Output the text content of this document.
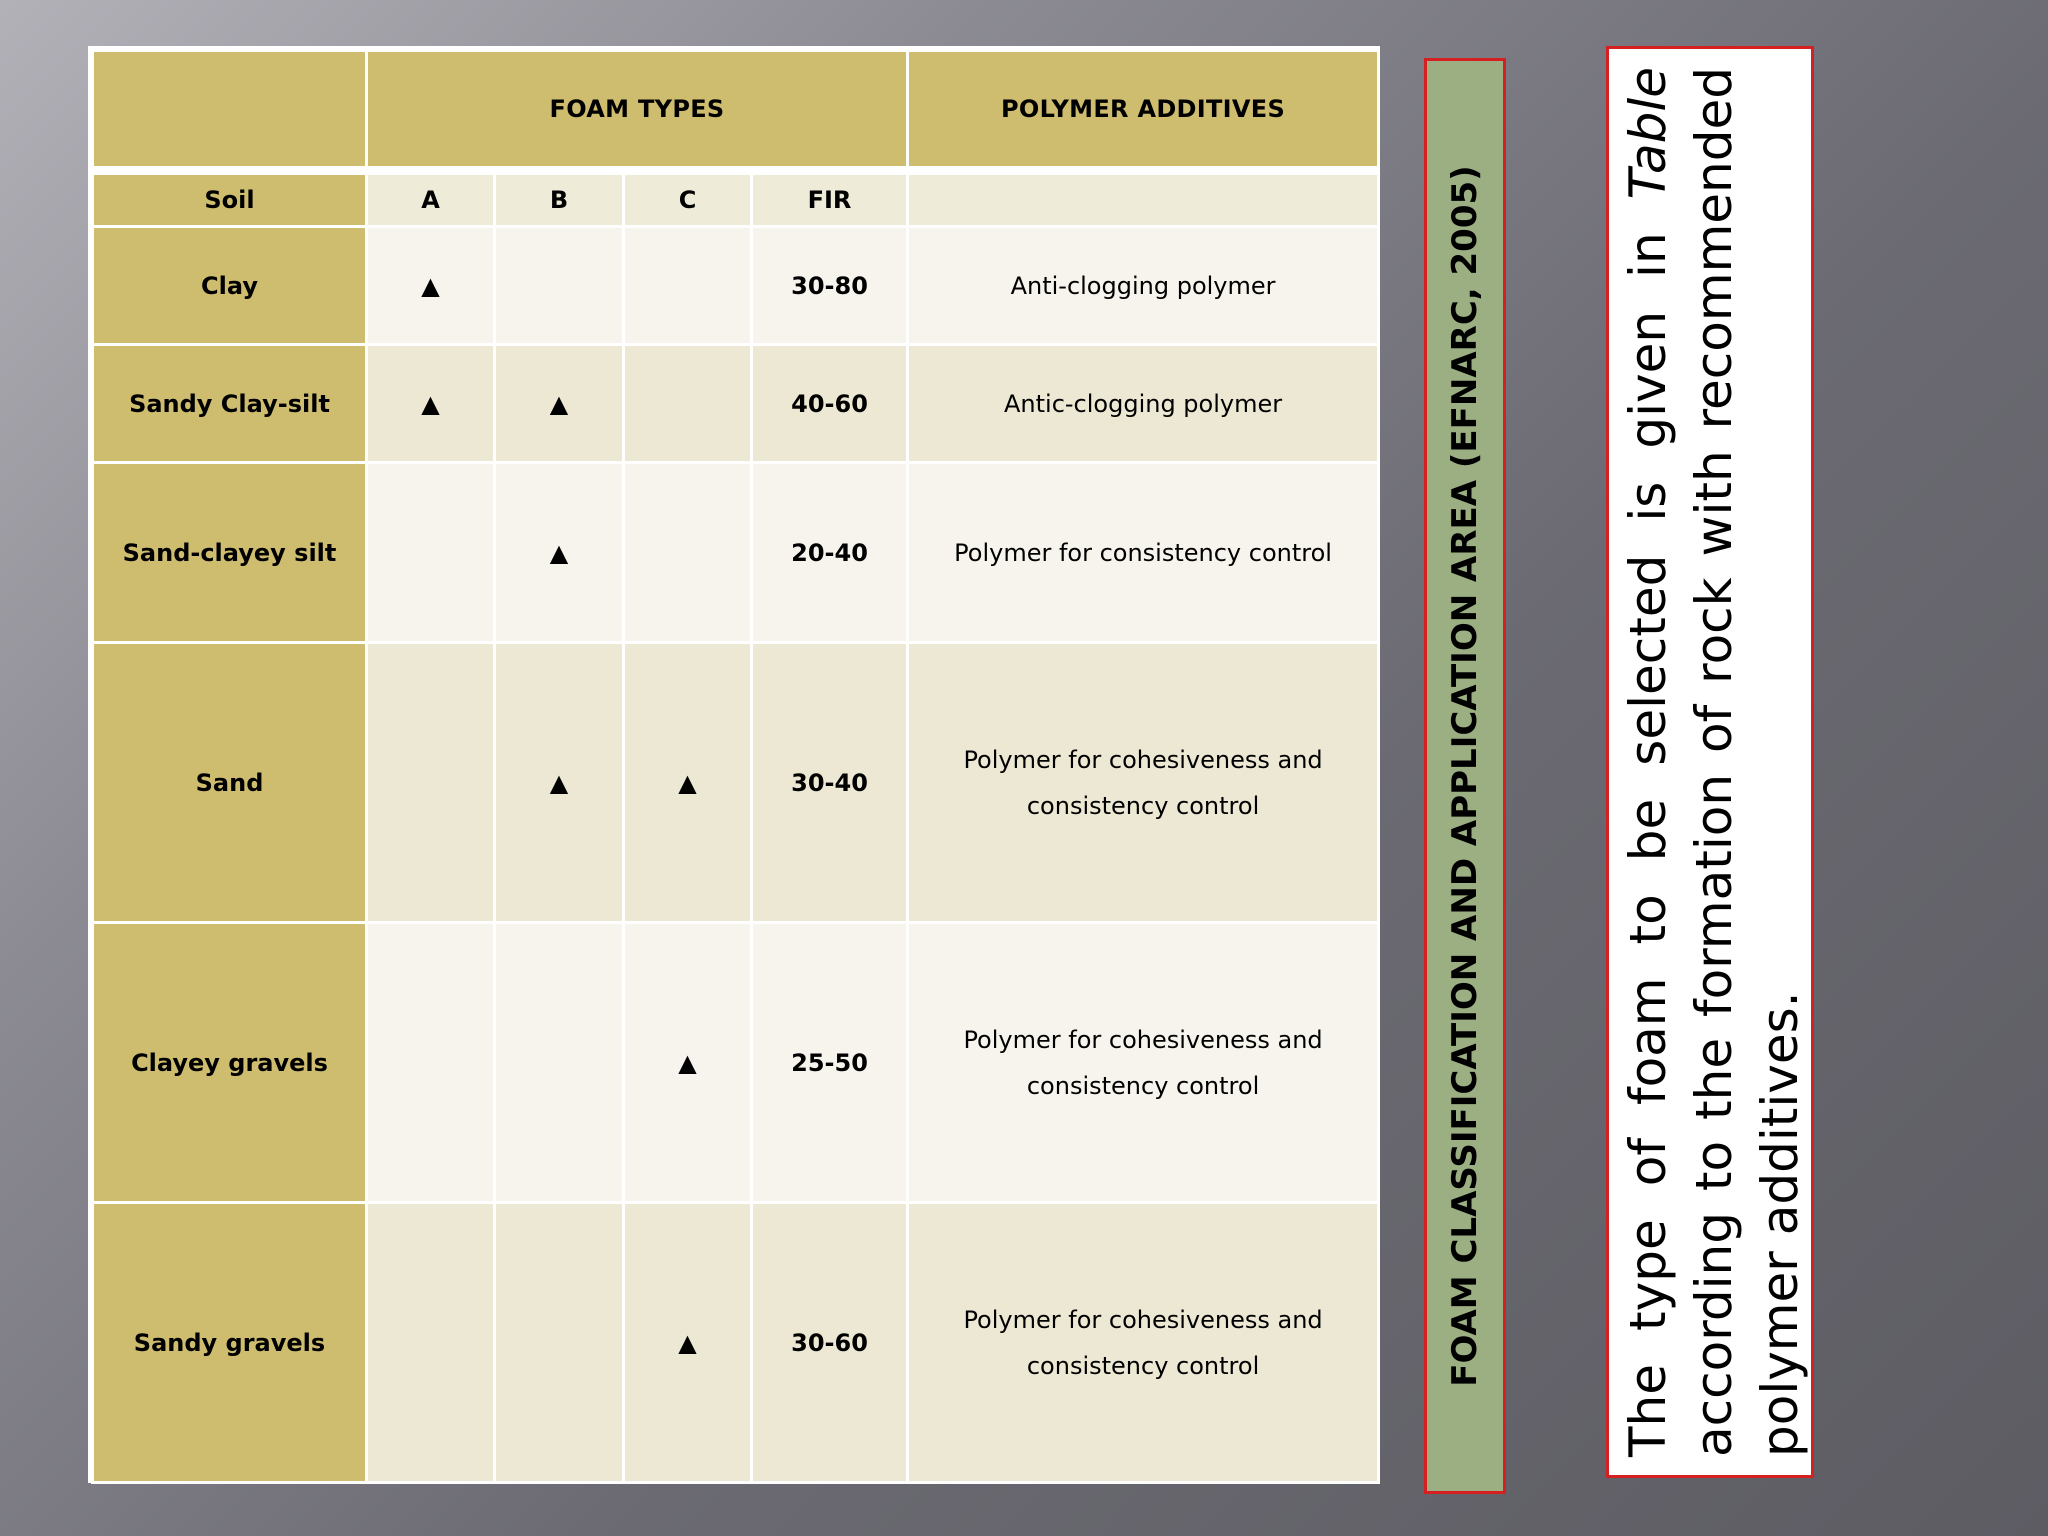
	FOAM TYPES				POLYMER ADDITIVES
Soil	A	B	C	FIR	
Clay	▲			30-80	Anti-clogging polymer
Sandy Clay-silt	▲	▲		40-60	Antic-clogging polymer
Sand-clayey silt		▲		20-40	Polymer for consistency control
Sand		▲	▲	30-40	Polymer for cohesiveness and consistency control
Clayey gravels			▲	25-50	Polymer for cohesiveness and consistency control
Sandy gravels			▲	30-60	Polymer for cohesiveness and consistency control	FOAM CLASSIFICATION AND APPLICATION AREA (EFNARC, 2005)	The type of foam to be selected is given in Table according to the formation of rock with recommended polymer additives.
